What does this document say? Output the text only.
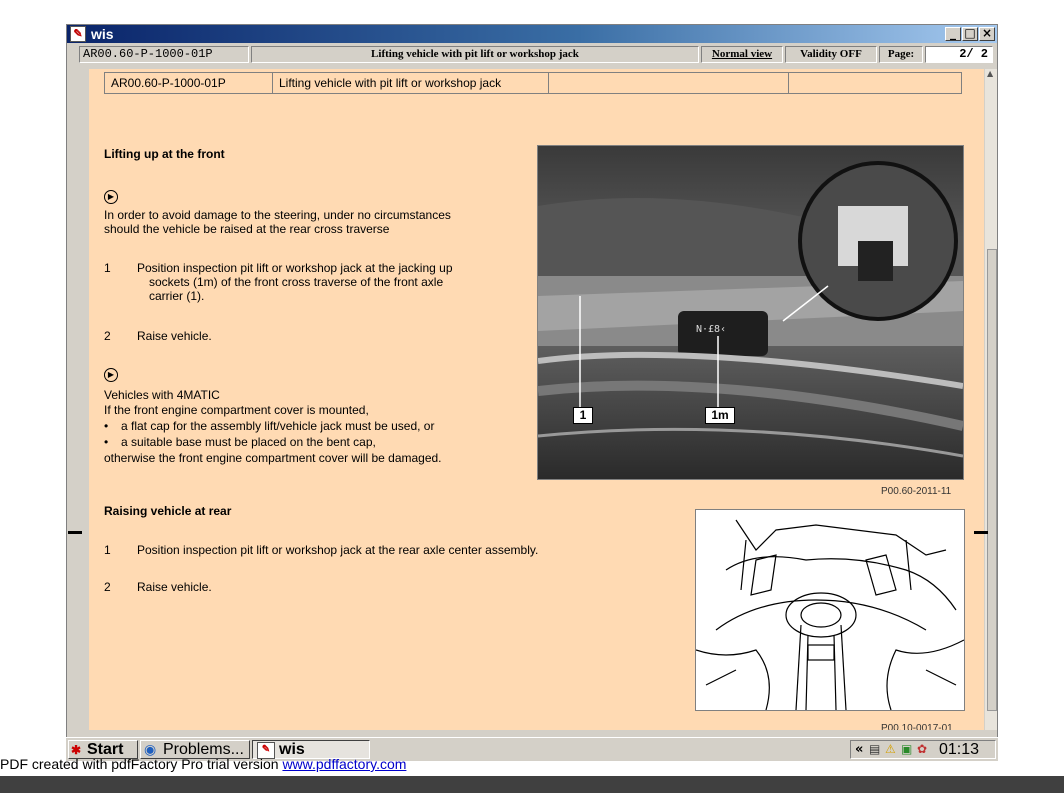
✎ wis	_ □ ×
AR00.60-P-1000-01P	Lifting vehicle with pit lift or workshop jack	Normal view	Validity OFF	Page:	2/ 2
AR00.60-P-1000-01P	Lifting vehicle with pit lift or workshop jack
Lifting up at the front
▶
In order to avoid damage to the steering, under no circumstances
should the vehicle be raised at the rear cross traverse
1	Position inspection pit lift or workshop jack at the jacking up
sockets (1m) of the front cross traverse of the front axle
carrier (1).
2	Raise vehicle.
▶
Vehicles with 4MATIC
If the front engine compartment cover is mounted,
• a flat cap for the assembly lift/vehicle jack must be used, or
• a suitable base must be placed on the bent cap,
otherwise the front engine compartment cover will be damaged.
N·£8‹
1	1m
P00.60-2011-11
Raising vehicle at rear
1	Position inspection pit lift or workshop jack at the rear axle center assembly.
2	Raise vehicle.
P00.10-0017-01
▲
✱ Start	◉ Problems...	✎ wis	« ▤ ⚠ ▣ ✿ 01:13
PDF created with pdfFactory Pro trial version www.pdffactory.com
